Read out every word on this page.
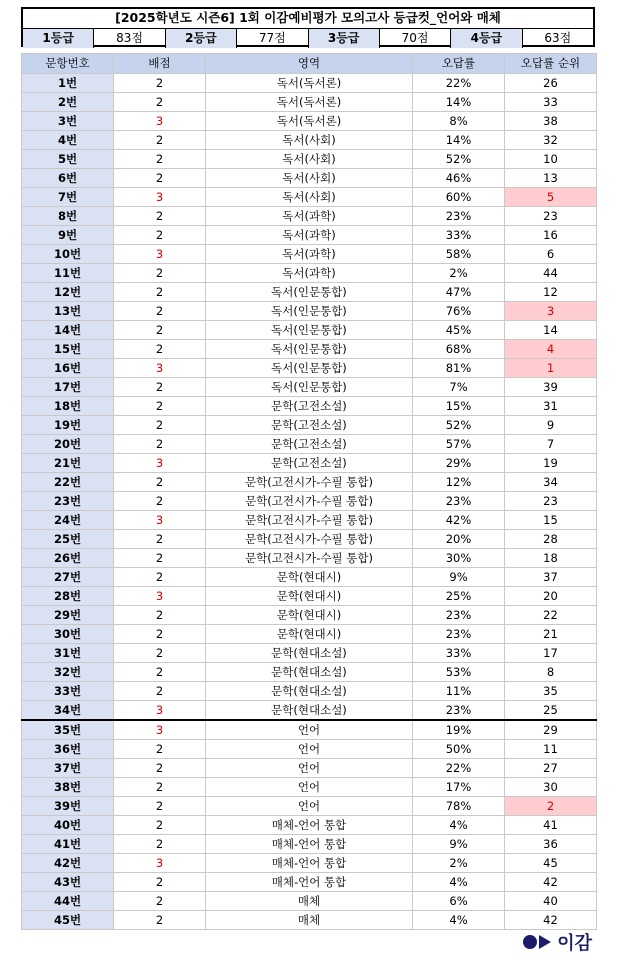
[2025학년도 시즌6] 1회 이감예비평가 모의고사 등급컷_언어와 매체
1등급	83점	2등급	77점	3등급	70점	4등급	63점
문항번호	배점	영역	오답률	오답률 순위
1번	2	독서(독서론)	22%	26
2번	2	독서(독서론)	14%	33
3번	3	독서(독서론)	8%	38
4번	2	독서(사회)	14%	32
5번	2	독서(사회)	52%	10
6번	2	독서(사회)	46%	13
7번	3	독서(사회)	60%	5
8번	2	독서(과학)	23%	23
9번	2	독서(과학)	33%	16
10번	3	독서(과학)	58%	6
11번	2	독서(과학)	2%	44
12번	2	독서(인문통합)	47%	12
13번	2	독서(인문통합)	76%	3
14번	2	독서(인문통합)	45%	14
15번	2	독서(인문통합)	68%	4
16번	3	독서(인문통합)	81%	1
17번	2	독서(인문통합)	7%	39
18번	2	문학(고전소설)	15%	31
19번	2	문학(고전소설)	52%	9
20번	2	문학(고전소설)	57%	7
21번	3	문학(고전소설)	29%	19
22번	2	문학(고전시가-수필 통합)	12%	34
23번	2	문학(고전시가-수필 통합)	23%	23
24번	3	문학(고전시가-수필 통합)	42%	15
25번	2	문학(고전시가-수필 통합)	20%	28
26번	2	문학(고전시가-수필 통합)	30%	18
27번	2	문학(현대시)	9%	37
28번	3	문학(현대시)	25%	20
29번	2	문학(현대시)	23%	22
30번	2	문학(현대시)	23%	21
31번	2	문학(현대소설)	33%	17
32번	2	문학(현대소설)	53%	8
33번	2	문학(현대소설)	11%	35
34번	3	문학(현대소설)	23%	25
35번	3	언어	19%	29
36번	2	언어	50%	11
37번	2	언어	22%	27
38번	2	언어	17%	30
39번	2	언어	78%	2
40번	2	매체-언어 통합	4%	41
41번	2	매체-언어 통합	9%	36
42번	3	매체-언어 통합	2%	45
43번	2	매체-언어 통합	4%	42
44번	2	매체	6%	40
45번	2	매체	4%	42
이감
